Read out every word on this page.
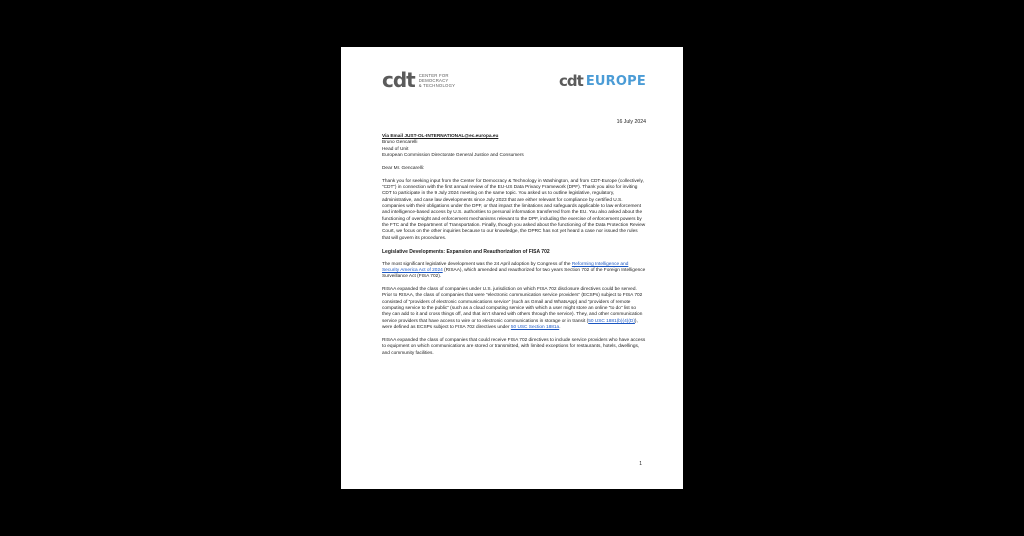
cdt CENTER FOR
DEMOCRACY
& TECHNOLOGY	cdt EUROPE
16 July 2024
Via Email JUST-OL-INTERNATIONAL@ec.europa.eu
Bruno Gencarelli
Head of Unit
European Commission Directorate General Justice and Consumers

Dear Mr. Gencarelli:

Thank you for seeking input from the Center for Democracy & Technology in Washington, and from CDT-Europe (collectively, “CDT”) in connection with the first annual review of the EU-US Data Privacy Framework (DPF). Thank you also for inviting CDT to participate in the 9 July 2024 meeting on the same topic. You asked us to outline legislative, regulatory, administrative, and case law developments since July 2023 that are either relevant for compliance by certified U.S. companies with their obligations under the DPF, or that impact the limitations and safeguards applicable to law enforcement and intelligence-based access by U.S. authorities to personal information transferred from the EU. You also asked about the functioning of oversight and enforcement mechanisms relevant to the DPF, including the exercise of enforcement powers by the FTC and the Department of Transportation. Finally, though you asked about the functioning of the Data Protection Review Court, we focus on the other inquiries because to our knowledge, the DPRC has not yet heard a case nor issued the rules that will govern its procedures.

Legislative Developments: Expansion and Reauthorization of FISA 702

The most significant legislative development was the 24 April adoption by Congress of the Reforming Intelligence and Security America Act of 2024 (RISAA), which amended and reauthorized for two years Section 702 of the Foreign Intelligence Surveillance Act (FISA 702).

RISAA expanded the class of companies under U.S. jurisdiction on which FISA 702 disclosure directives could be served. Prior to RISAA, the class of companies that were “electronic communication service providers” (ECSPs) subject to FISA 702 consisted of “providers of electronic communications service” (such as Gmail and WhatsApp) and “providers of remote computing service to the public” (such as a cloud computing service with which a user might store an online “to do” list so they can add to it and cross things off, and that isn’t shared with others through the service). They, and other communication service providers that have access to wire or to electronic communications in storage or in transit (50 USC 1881(b)(4)(D)), were defined as ECSPs subject to FISA 702 directives under 50 USC Section 1881a.

RISAA expanded the class of companies that could receive FISA 702 directives to include service providers who have access to equipment on which communications are stored or transmitted, with limited exceptions for restaurants, hotels, dwellings, and community facilities.

1
